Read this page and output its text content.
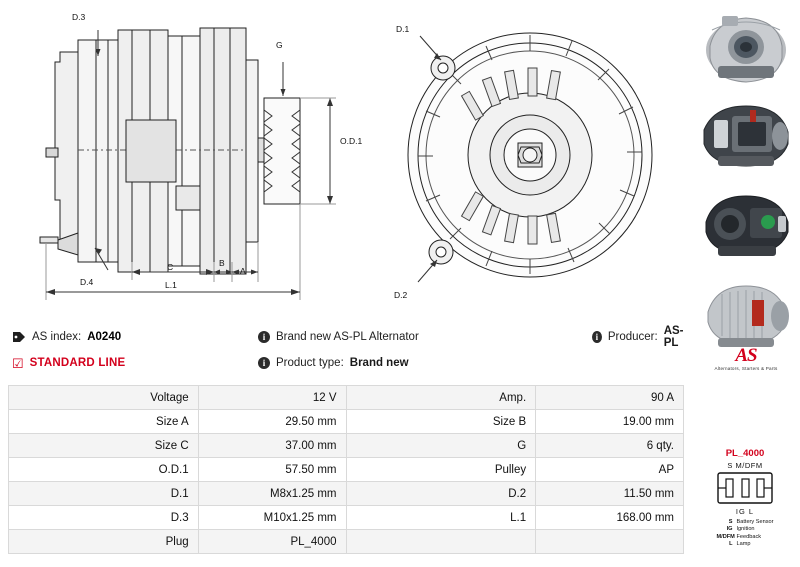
D.3
G
O.D.1
C	B
A
D.4	L.1
D.1
D.2
PL_4000
S M/DFM
IG L
S Battery Sensor
IG Ignition
M/DFM Feedback
L Lamp
AS index: A0240	i Brand new AS-PL Alternator	i Producer: AS-PL
☑ STANDARD LINE	i Product type: Brand new	AS
Alternators, Starters & Parts
Voltage	12 V	Amp.	90 A
Size A	29.50 mm	Size B	19.00 mm
Size C	37.00 mm	G	6 qty.
O.D.1	57.50 mm	Pulley	AP
D.1	M8x1.25 mm	D.2	11.50 mm
D.3	M10x1.25 mm	L.1	168.00 mm
Plug	PL_4000		
